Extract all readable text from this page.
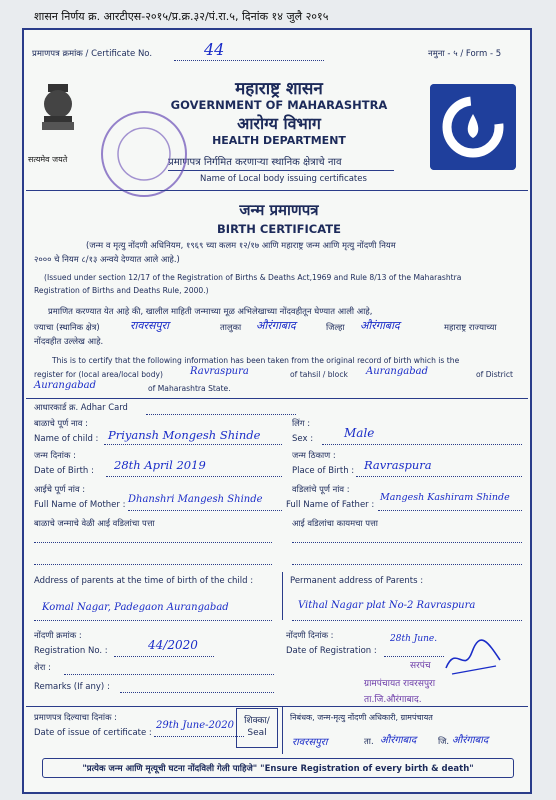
शासन निर्णय क्र. आरटीएस-२०१५/प्र.क्र.३२/पं.रा.५, दिनांक १४ जुलै २०१५
प्रमाणपत्र क्रमांक / Certificate No.	44	नमुना - ५ / Form - 5
सत्यमेव जयते
महाराष्ट्र शासन
GOVERNMENT OF MAHARASHTRA
आरोग्य विभाग
HEALTH DEPARTMENT
प्रमाणपत्र निर्गमित करणाऱ्या स्थानिक क्षेत्राचे नाव
Name of Local body issuing certificates
जन्म प्रमाणपत्र
BIRTH CERTIFICATE
(जन्म व मृत्यु नोंदणी अधिनियम, १९६९ च्या कलम १२/१७ आणि महाराष्ट्र जन्म आणि मृत्यु नोंदणी नियम
२००० चे नियम ८/१३ अन्वये देण्यात आले आहे.)
(Issued under section 12/17 of the Registration of Births & Deaths Act,1969 and Rule 8/13 of the Maharashtra
Registration of Births and Deaths Rule, 2000.)
प्रमाणित करण्यात येत आहे की, खालील माहिती जन्माच्या मूळ अभिलेखाच्या नोंदवहीतून घेण्यात आली आहे,
ज्याचा (स्थानिक क्षेत्र)	रावरसपुरा	तालुका औरंगाबाद	जिल्हा औरंगाबाद	महाराष्ट्र राज्याच्या
नोंदवहीत उल्लेख आहे.
This is to certify that the following information has been taken from the original record of birth which is the
register for (local area/local body)	Ravraspura	of tahsil / block Aurangabad	of District
Aurangabad	of Maharashtra State.
आधारकार्ड क्र. Adhar Card
बाळाचे पूर्ण नाव :
Name of child : Priyansh Mongesh Shinde
लिंग :
Sex :	Male
जन्म दिनांक :
Date of Birth : 28th April 2019
जन्म ठिकाण :
Place of Birth : Ravraspura
आईचे पूर्ण नांव :
Full Name of Mother : Dhanshri Mangesh Shinde
वडिलांचे पूर्ण नांव :
Full Name of Father :
Mangesh Kashiram Shinde
बाळाचे जन्माचे वेळी आई वडिलांचा पत्ता	आई वडिलांचा कायमचा पत्ता
Address of parents at the time of birth of the child :	Permanent address of Parents :
Komal Nagar, Padegaon Aurangabad	Vithal Nagar plat No-2 Ravraspura
नोंदणी क्रमांक :
Registration No. :	44/2020
नोंदणी दिनांक :
Date of Registration :
28th June.
शेरा :
Remarks (If any) :
सरपंच
ग्रामपंचायत रावरसपुरा
ता.जि.औरंगाबाद.
प्रमाणपत्र दिल्याचा दिनांक :
Date of issue of certificate :
29th June-2020	शिक्का/
Seal
निबंधक, जन्म-मृत्यु नोंदणी अधिकारी, ग्रामपंचायत
रावरसपुरा	ता. औरंगाबाद	जि. औरंगाबाद
"प्रत्येक जन्म आणि मृत्यूची घटना नोंदविली गेली पाहिजे" "Ensure Registration of every birth & death"
